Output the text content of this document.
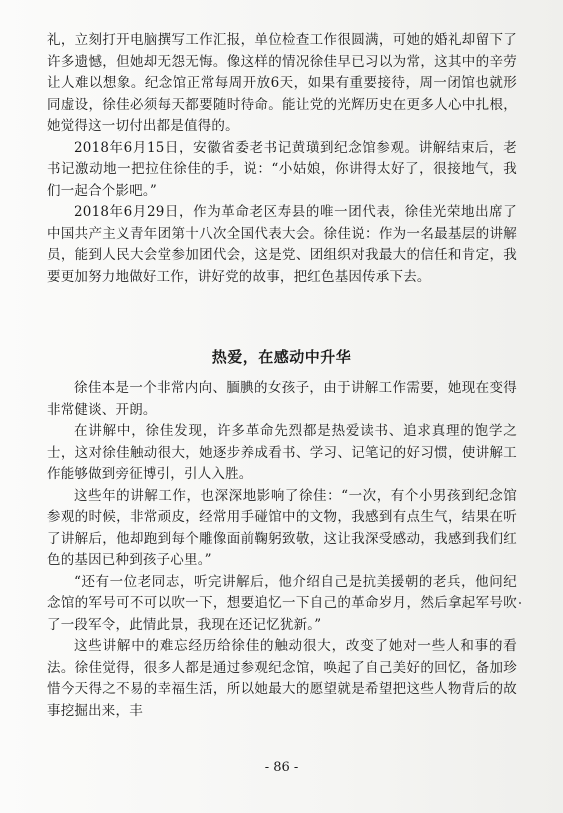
礼，立刻打开电脑撰写工作汇报，单位检查工作很圆满，可她的婚礼却留下了许多遗憾，但她却无怨无悔。像这样的情况徐佳早已习以为常，这其中的辛劳让人难以想象。纪念馆正常每周开放6天，如果有重要接待，周一闭馆也就形同虚设，徐佳必须每天都要随时待命。能让党的光辉历史在更多人心中扎根，她觉得这一切付出都是值得的。

2018年6月15日，安徽省委老书记黄璜到纪念馆参观。讲解结束后，老书记激动地一把拉住徐佳的手，说：“小姑娘，你讲得太好了，很接地气，我们一起合个影吧。”

2018年6月29日，作为革命老区寿县的唯一团代表，徐佳光荣地出席了中国共产主义青年团第十八次全国代表大会。徐佳说：作为一名最基层的讲解员，能到人民大会堂参加团代会，这是党、团组织对我最大的信任和肯定，我要更加努力地做好工作，讲好党的故事，把红色基因传承下去。

热爱，在感动中升华

徐佳本是一个非常内向、腼腆的女孩子，由于讲解工作需要，她现在变得非常健谈、开朗。

在讲解中，徐佳发现，许多革命先烈都是热爱读书、追求真理的饱学之士，这对徐佳触动很大，她逐步养成看书、学习、记笔记的好习惯，使讲解工作能够做到旁征博引，引人入胜。

这些年的讲解工作，也深深地影响了徐佳：“一次，有个小男孩到纪念馆参观的时候，非常顽皮，经常用手碰馆中的文物，我感到有点生气，结果在听了讲解后，他却跑到每个雕像面前鞠躬致敬，这让我深受感动，我感到我们红色的基因已种到孩子心里。”

“还有一位老同志，听完讲解后，他介绍自己是抗美援朝的老兵，他问纪念馆的军号可不可以吹一下，想要追忆一下自己的革命岁月，然后拿起军号吹了一段军令，此情此景，我现在还记忆犹新。”

这些讲解中的难忘经历给徐佳的触动很大，改变了她对一些人和事的看法。徐佳觉得，很多人都是通过参观纪念馆，唤起了自己美好的回忆，备加珍惜今天得之不易的幸福生活，所以她最大的愿望就是希望把这些人物背后的故事挖掘出来，丰

- 86 -
